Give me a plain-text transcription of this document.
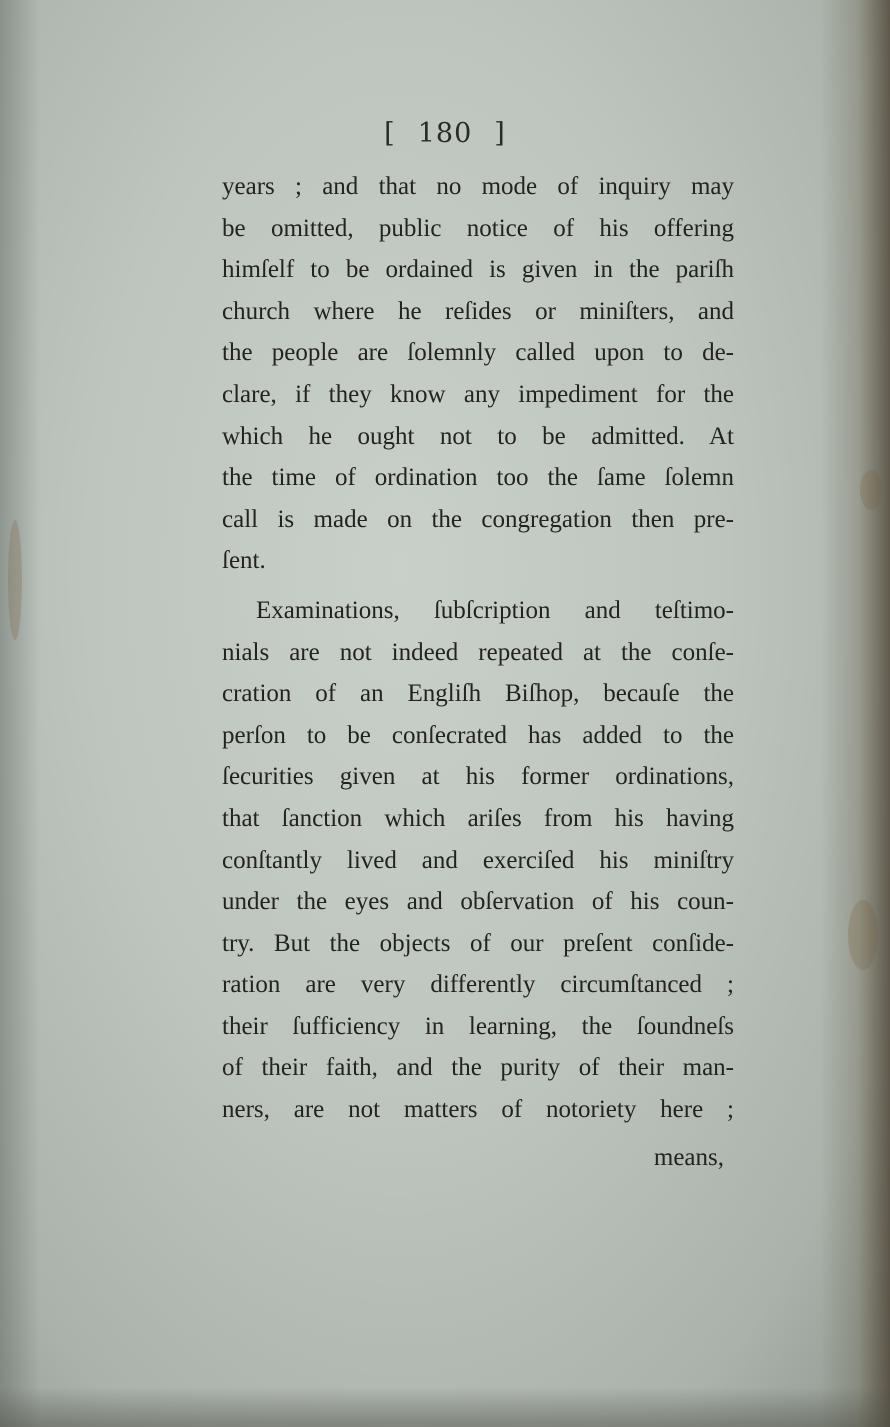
[ 180 ]
years ; and that no mode of inquiry may
be omitted, public notice of his offering
himſelf to be ordained is given in the pariſh
church where he reſides or miniſters, and
the people are ſolemnly called upon to de-
clare, if they know any impediment for the
which he ought not to be admitted. At
the time of ordination too the ſame ſolemn
call is made on the congregation then pre-
ſent.
Examinations, ſubſcription and teſtimo-
nials are not indeed repeated at the conſe-
cration of an Engliſh Biſhop, becauſe the
perſon to be conſecrated has added to the
ſecurities given at his former ordinations,
that ſanction which ariſes from his having
conſtantly lived and exerciſed his miniſtry
under the eyes and obſervation of his coun-
try. But the objects of our preſent conſide-
ration are very differently circumſtanced ;
their ſufficiency in learning, the ſoundneſs
of their faith, and the purity of their man-
ners, are not matters of notoriety here ;
means,
